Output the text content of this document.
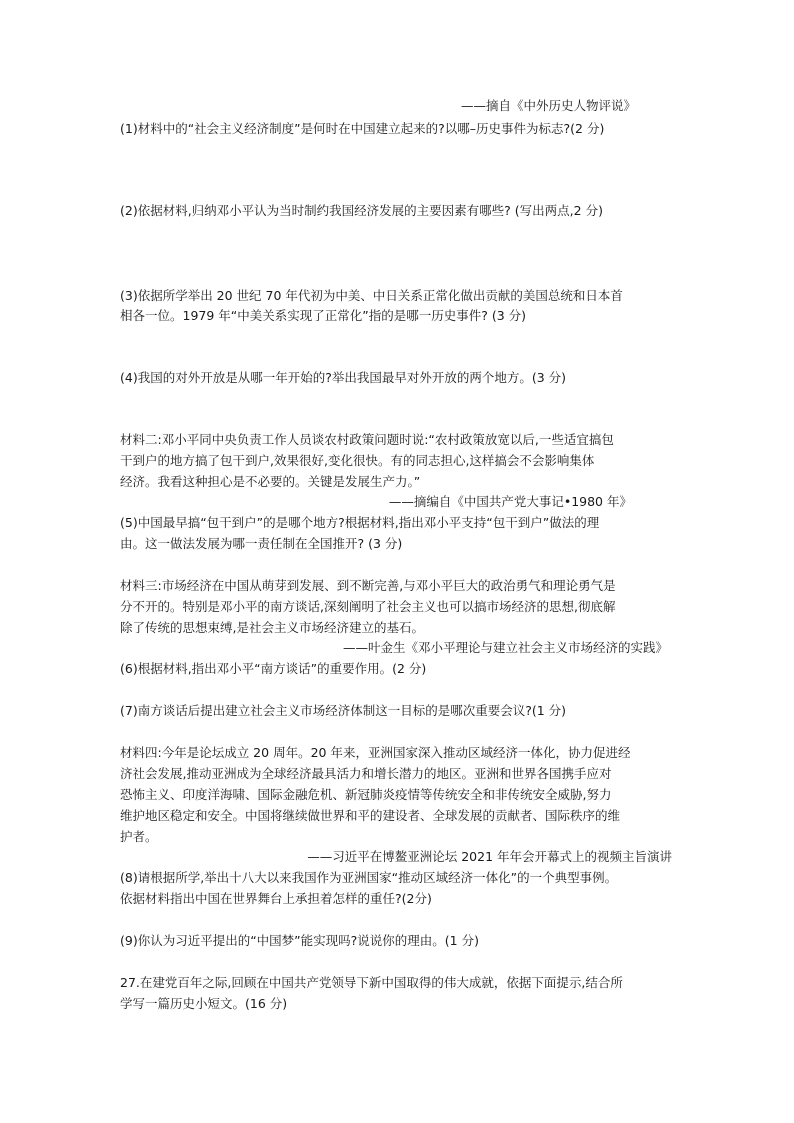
——摘自《中外历史人物评说》
(1)材料中的“社会主义经济制度”是何时在中国建立起来的?以哪–历史事件为标志?(2 分)
(2)依据材料,归纳邓小平认为当时制约我国经济发展的主要因素有哪些? (写出两点,2 分)
(3)依据所学举出 20 世纪 70 年代初为中美、中日关系正常化做出贡献的美国总统和日本首
相各一位。1979 年“中美关系实现了正常化”指的是哪一历史事件? (3 分)
(4)我国的对外开放是从哪一年开始的?举出我国最早对外开放的两个地方。(3 分)
材料二:邓小平同中央负责工作人员谈农村政策问题时说:“农村政策放宽以后,一些适宜搞包
干到户的地方搞了包干到户,效果很好,变化很快。有的同志担心,这样搞会不会影响集体
经济。我看这种担心是不必要的。关键是发展生产力。”
——摘编自《中国共产党大事记•1980 年》
(5)中国最早搞“包干到户”的是哪个地方?根据材料,指出邓小平支持“包干到户”做法的理
由。这一做法发展为哪一责任制在全国推开? (3 分)
材料三:市场经济在中国从萌芽到发展、到不断完善,与邓小平巨大的政治勇气和理论勇气是
分不开的。特别是邓小平的南方谈话,深刻阐明了社会主义也可以搞市场经济的思想,彻底解
除了传统的思想束缚,是社会主义市场经济建立的基石。
——叶金生《邓小平理论与建立社会主义市场经济的实践》
(6)根据材料,指出邓小平“南方谈话”的重要作用。(2 分)
(7)南方谈话后提出建立社会主义市场经济体制这一目标的是哪次重要会议?(1 分)
材料四:今年是论坛成立 20 周年。20 年来，亚洲国家深入推动区域经济一体化，协力促进经
济社会发展,推动亚洲成为全球经济最具活力和增长潜力的地区。亚洲和世界各国携手应对
恐怖主义、印度洋海啸、国际金融危机、新冠肺炎疫情等传统安全和非传统安全威胁,努力
维护地区稳定和安全。中国将继续做世界和平的建设者、全球发展的贡献者、国际秩序的维
护者。
——习近平在博鳌亚洲论坛 2021 年年会开幕式上的视频主旨演讲
(8)请根据所学,举出十八大以来我国作为亚洲国家“推动区域经济一体化”的一个典型事例。
依据材料指出中国在世界舞台上承担着怎样的重任?(2分)
(9)你认为习近平提出的“中国梦”能实现吗?说说你的理由。(1 分)
27.在建党百年之际,回顾在中国共产党领导下新中国取得的伟大成就，依据下面提示,结合所
学写一篇历史小短文。(16 分)
